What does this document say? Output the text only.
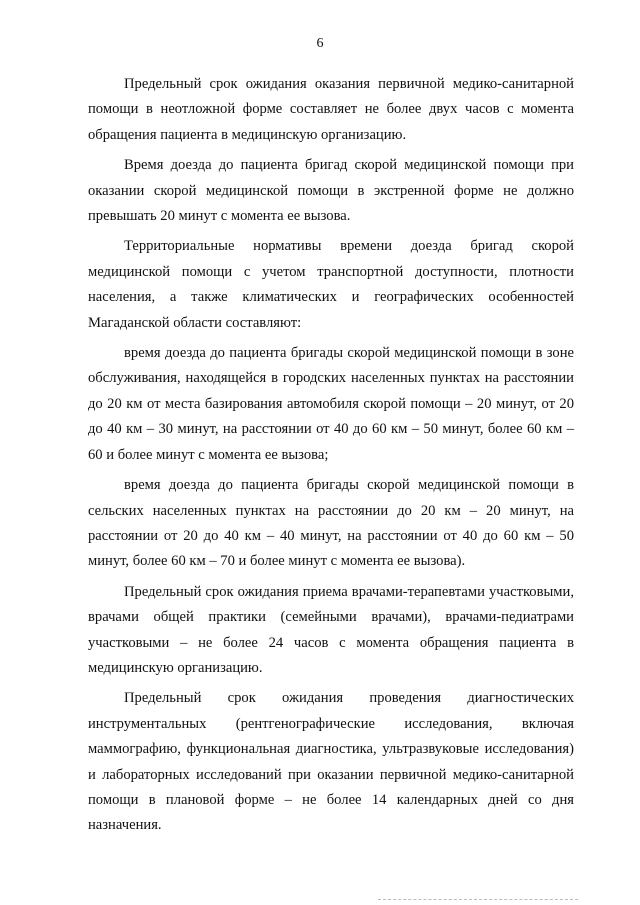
6

Предельный срок ожидания оказания первичной медико-санитарной помощи в неотложной форме составляет не более двух часов с момента обращения пациента в медицинскую организацию.

Время доезда до пациента бригад скорой медицинской помощи при оказании скорой медицинской помощи в экстренной форме не должно превышать 20 минут с момента ее вызова.

Территориальные нормативы времени доезда бригад скорой медицинской помощи с учетом транспортной доступности, плотности населения, а также климатических и географических особенностей Магаданской области составляют:

время доезда до пациента бригады скорой медицинской помощи в зоне обслуживания, находящейся в городских населенных пунктах на расстоянии до 20 км от места базирования автомобиля скорой помощи – 20 минут, от 20 до 40 км – 30 минут, на расстоянии от 40 до 60 км – 50 минут, более 60 км – 60 и более минут с момента ее вызова;

время доезда до пациента бригады скорой медицинской помощи в сельских населенных пунктах на расстоянии до 20 км – 20 минут, на расстоянии от 20 до 40 км – 40 минут, на расстоянии от 40 до 60 км – 50 минут, более 60 км – 70 и более минут с момента ее вызова).

Предельный срок ожидания приема врачами-терапевтами участковыми, врачами общей практики (семейными врачами), врачами-педиатрами участковыми – не более 24 часов с момента обращения пациента в медицинскую организацию.

Предельный срок ожидания проведения диагностических инструментальных (рентгенографические исследования, включая маммографию, функциональная диагностика, ультразвуковые исследования) и лабораторных исследований при оказании первичной медико-санитарной помощи в плановой форме – не более 14 календарных дней со дня назначения.
